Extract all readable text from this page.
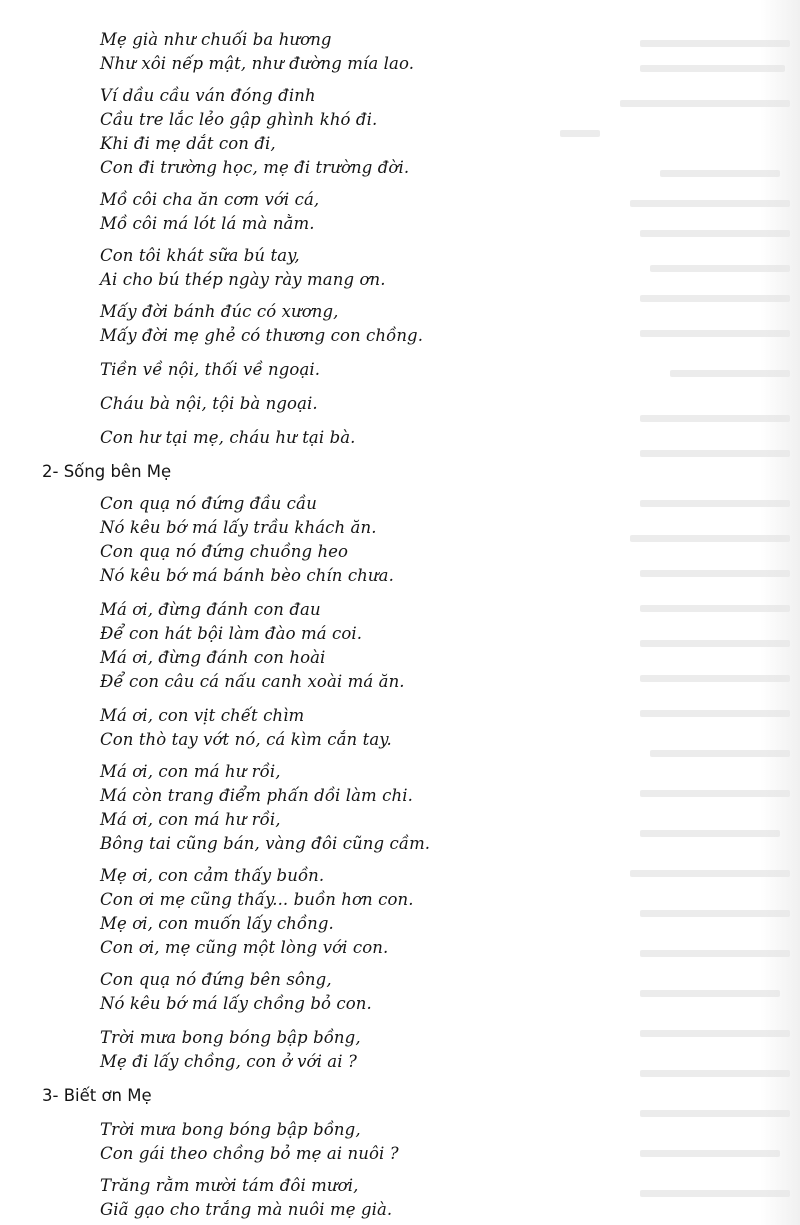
Mẹ già như chuối ba hương
Như xôi nếp mật, như đường mía lao.
Ví dầu cầu ván đóng đinh
Cầu tre lắc lẻo gập ghình khó đi.
Khi đi mẹ dắt con đi,
Con đi trường học, mẹ đi trường đời.
Mồ côi cha ăn cơm với cá,
Mồ côi má lót lá mà nằm.
Con tôi khát sữa bú tay,
Ai cho bú thép ngày rày mang ơn.
Mấy đời bánh đúc có xương,
Mấy đời mẹ ghẻ có thương con chồng.
Tiền về nội, thối về ngoại.
Cháu bà nội, tội bà ngoại.
Con hư tại mẹ, cháu hư tại bà.
2- Sống bên Mẹ
Con quạ nó đứng đầu cầu
Nó kêu bớ má lấy trầu khách ăn.
Con quạ nó đứng chuồng heo
Nó kêu bớ má bánh bèo chín chưa.
Má ơi, đừng đánh con đau
Để con hát bội làm đào má coi.
Má ơi, đừng đánh con hoài
Để con câu cá nấu canh xoài má ăn.
Má ơi, con vịt chết chìm
Con thò tay vớt nó, cá kìm cắn tay.
Má ơi, con má hư rồi,
Má còn trang điểm phấn dồi làm chi.
Má ơi, con má hư rồi,
Bông tai cũng bán, vàng đôi cũng cầm.
Mẹ ơi, con cảm thấy buồn.
Con ơi mẹ cũng thấy... buồn hơn con.
Mẹ ơi, con muốn lấy chồng.
Con ơi, mẹ cũng một lòng với con.
Con quạ nó đứng bên sông,
Nó kêu bớ má lấy chồng bỏ con.
Trời mưa bong bóng bập bồng,
Mẹ đi lấy chồng, con ở với ai ?
3- Biết ơn Mẹ
Trời mưa bong bóng bập bồng,
Con gái theo chồng bỏ mẹ ai nuôi ?
Trăng rằm mười tám đôi mươi,
Giã gạo cho trắng mà nuôi mẹ già.
